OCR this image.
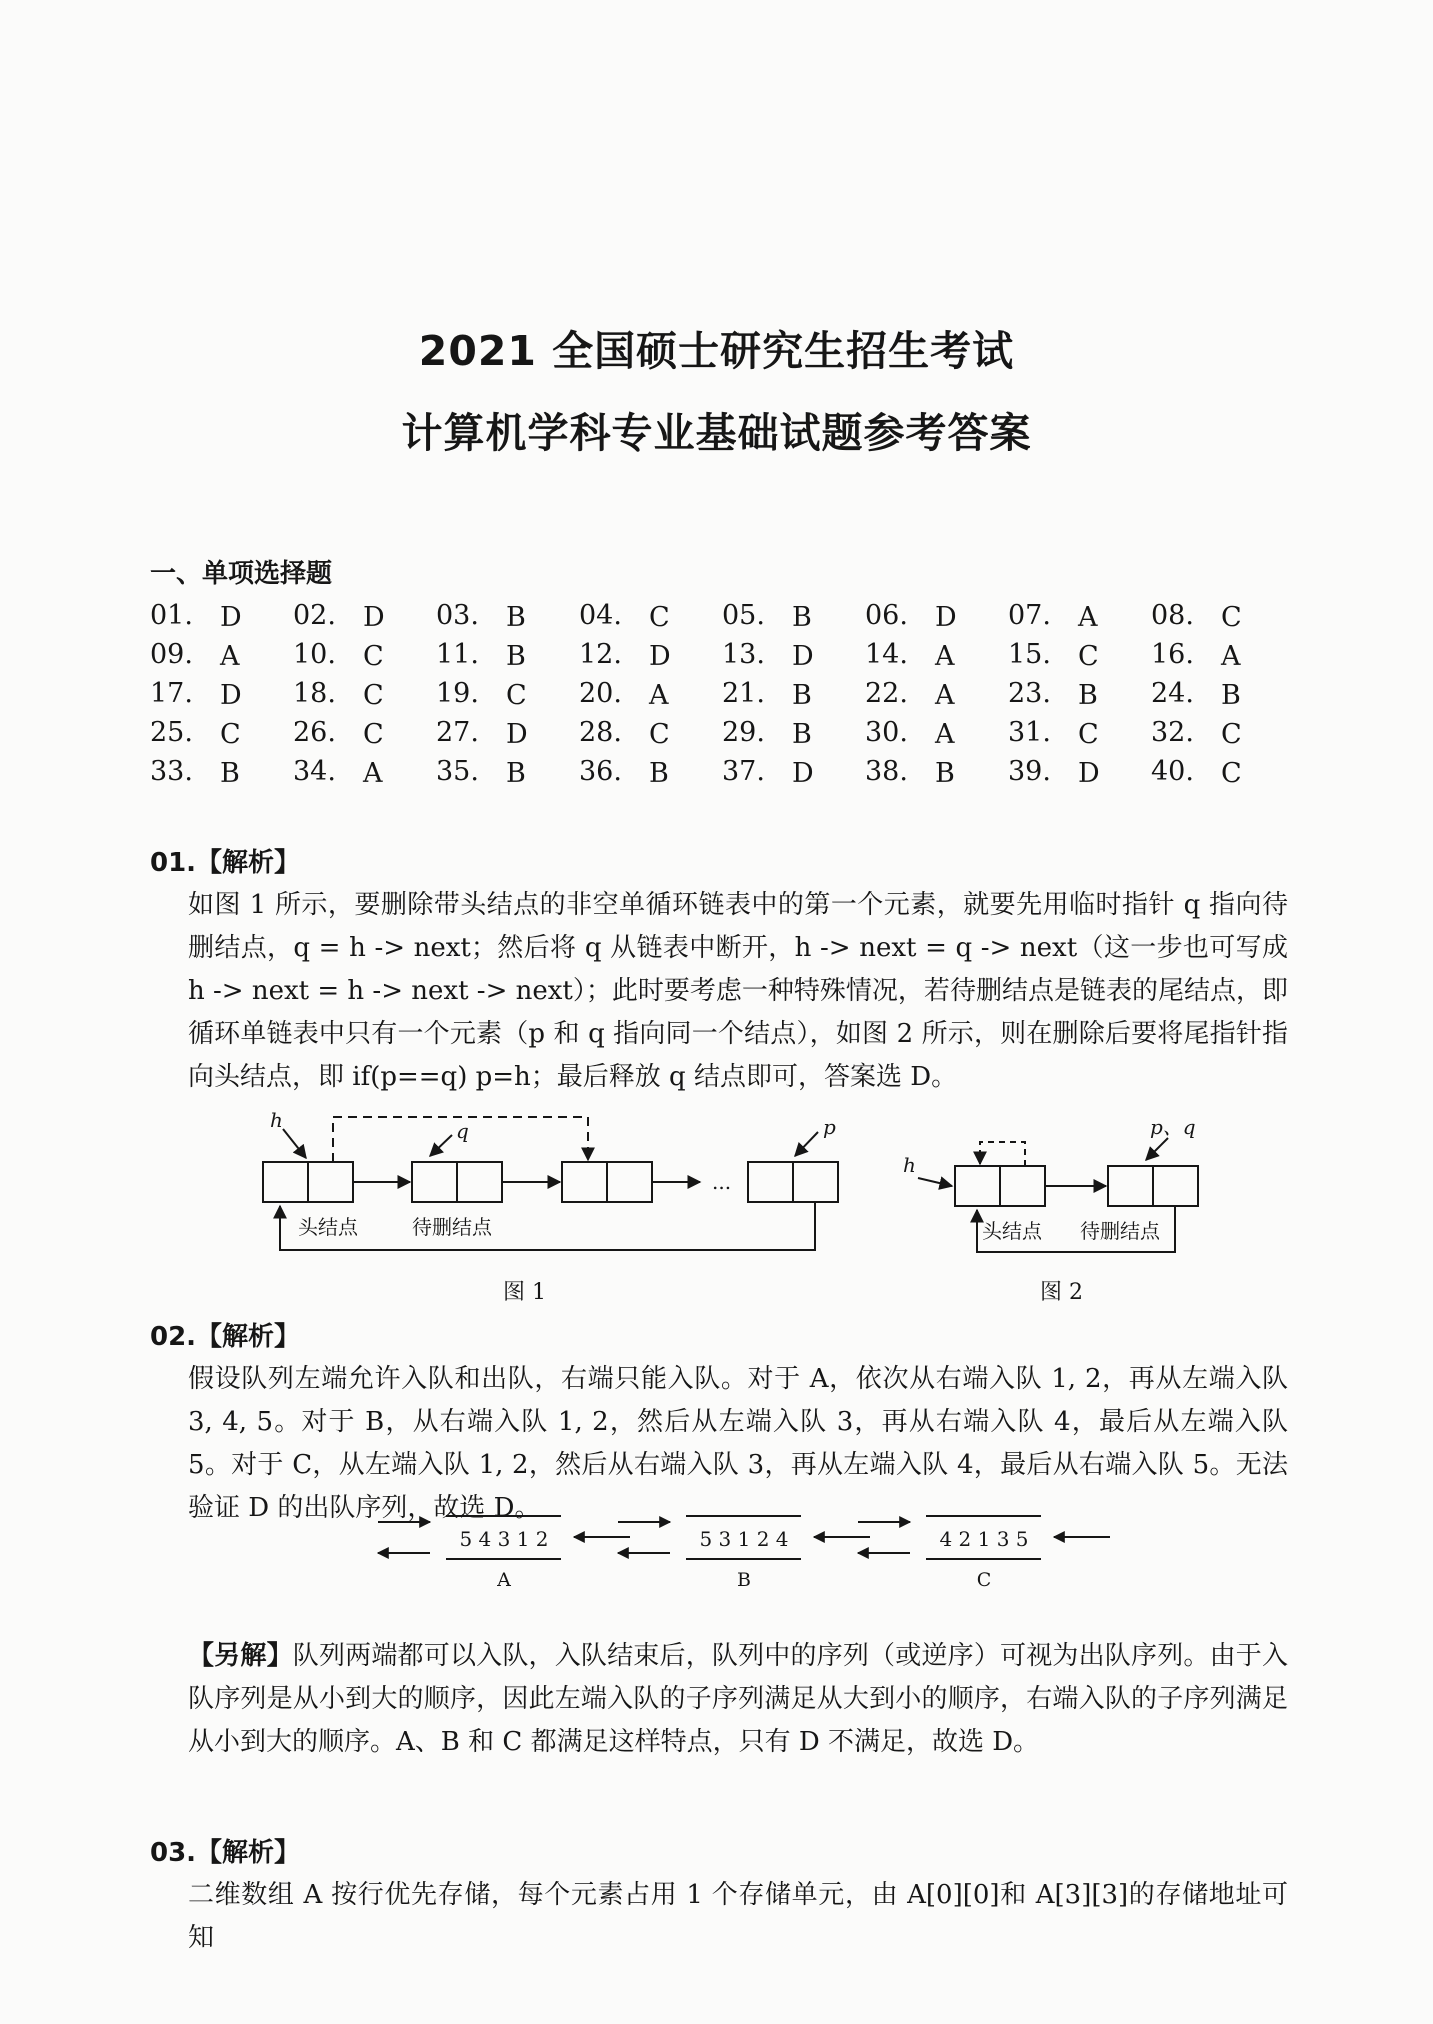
2021 全国硕士研究生招生考试
计算机学科专业基础试题参考答案
一、单项选择题
01. D 02. D 03. B 04. C 05. B 06. D 07. A 08. C
09. A 10. C 11. B 12. D 13. D 14. A 15. C 16. A
17. D 18. C 19. C 20. A 21. B 22. A 23. B 24. B
25. C 26. C 27. D 28. C 29. B 30. A 31. C 32. C
33. B 34. A 35. B 36. B 37. D 38. B 39. D 40. C
01.【解析】

如图 1 所示，要删除带头结点的非空单循环链表中的第一个元素，就要先用临时指针 q 指向待删结点，q = h -> next；然后将 q 从链表中断开，h -> next = q -> next（这一步也可写成 h -> next = h -> next -> next）；此时要考虑一种特殊情况，若待删结点是链表的尾结点，即循环单链表中只有一个元素（p 和 q 指向同一个结点），如图 2 所示，则在删除后要将尾指针指向头结点，即 if(p==q) p=h；最后释放 q 结点即可，答案选 D。

h	q	p
...
头结点	待删结点
图 1
h
p、q
头结点 待删结点
图 2
02.【解析】

假设队列左端允许入队和出队，右端只能入队。对于 A，依次从右端入队 1, 2，再从左端入队 3, 4, 5。对于 B，从右端入队 1, 2，然后从左端入队 3，再从右端入队 4，最后从左端入队 5。对于 C，从左端入队 1, 2，然后从右端入队 3，再从左端入队 4，最后从右端入队 5。无法验证 D 的出队序列，故选 D。

5 4 3 1 2
A
5 3 1 2 4
B
4 2 1 3 5
C

【另解】队列两端都可以入队，入队结束后，队列中的序列（或逆序）可视为出队序列。由于入队序列是从小到大的顺序，因此左端入队的子序列满足从大到小的顺序，右端入队的子序列满足从小到大的顺序。A、B 和 C 都满足这样特点，只有 D 不满足，故选 D。

03.【解析】

二维数组 A 按行优先存储，每个元素占用 1 个存储单元，由 A[0][0]和 A[3][3]的存储地址可知
